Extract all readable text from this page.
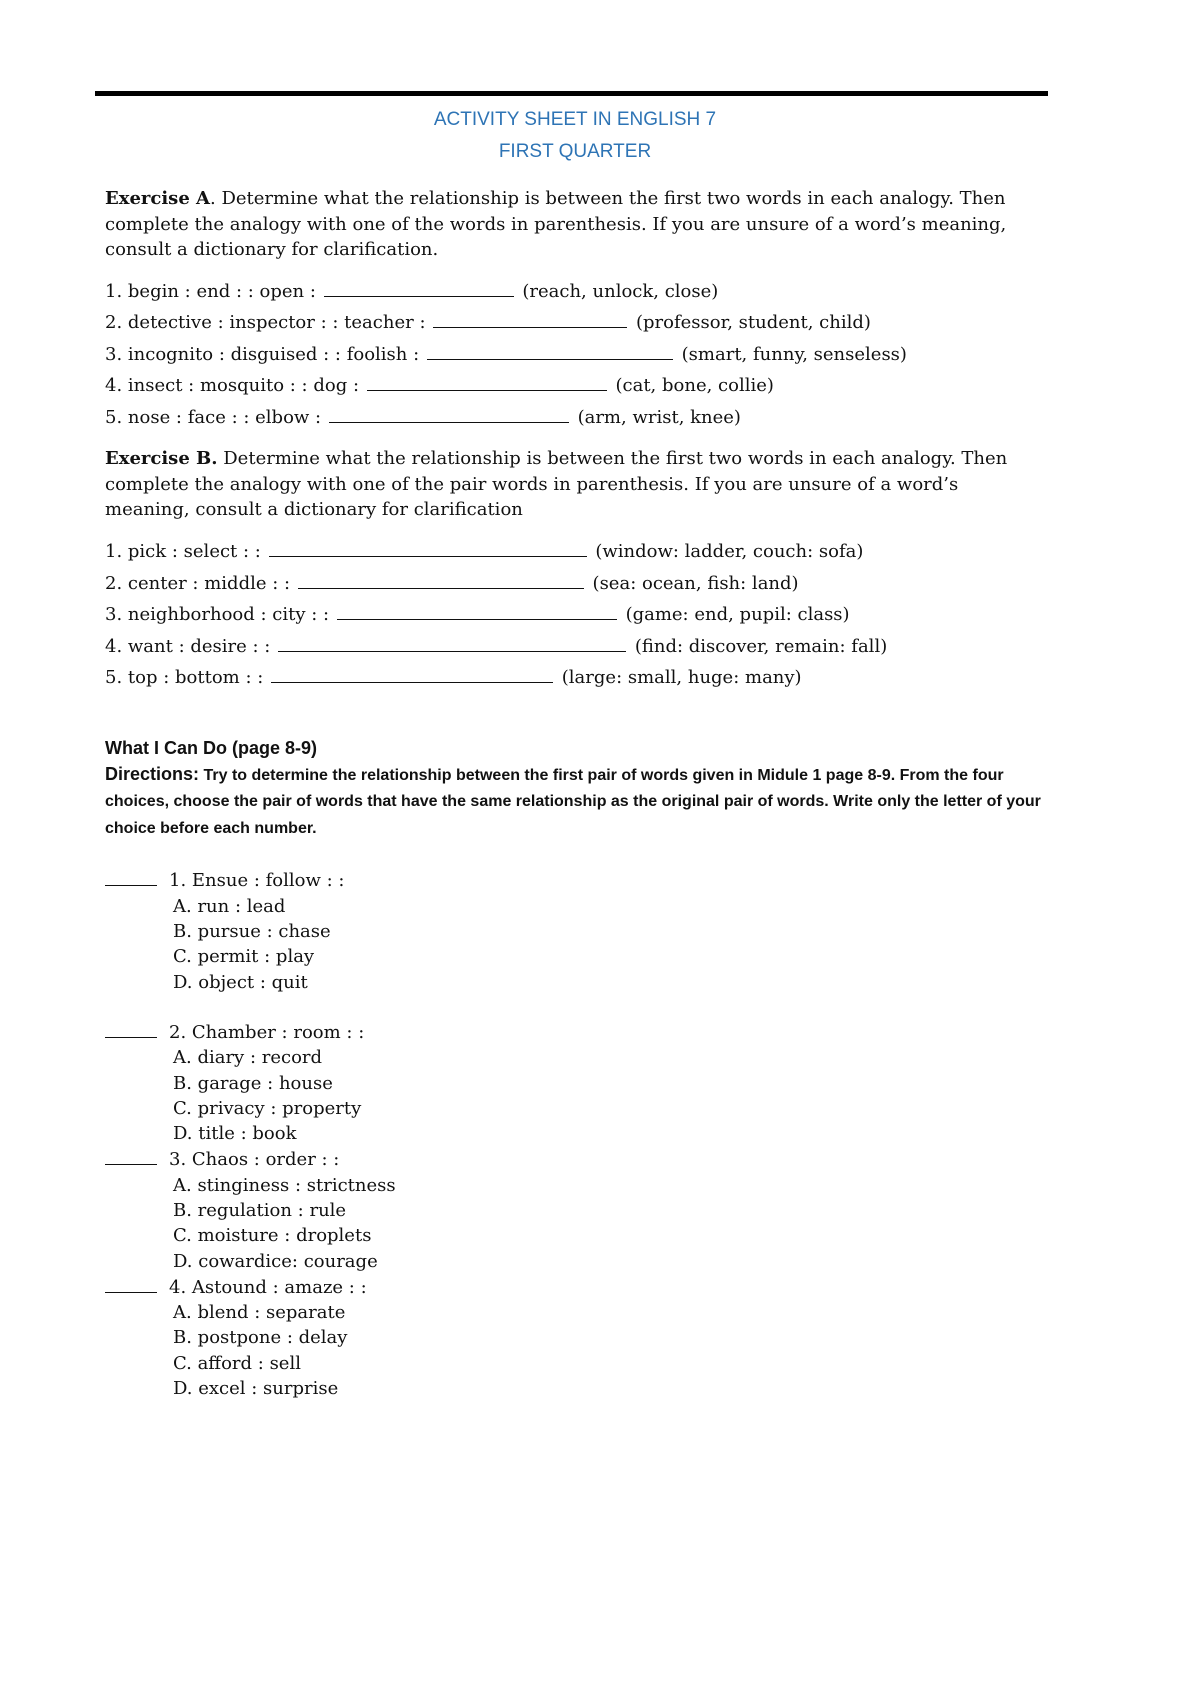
ACTIVITY SHEET IN ENGLISH 7
FIRST QUARTER
Exercise A. Determine what the relationship is between the first two words in each analogy. Then complete the analogy with one of the words in parenthesis. If you are unsure of a word’s meaning, consult a dictionary for clarification.
1. begin : end : : open :	(reach, unlock, close)
2. detective : inspector : : teacher :	(professor, student, child)
3. incognito : disguised : : foolish :	(smart, funny, senseless)
4. insect : mosquito : : dog :	(cat, bone, collie)
5. nose : face : : elbow :	(arm, wrist, knee)
Exercise B. Determine what the relationship is between the first two words in each analogy. Then complete the analogy with one of the pair words in parenthesis. If you are unsure of a word’s meaning, consult a dictionary for clarification
1. pick : select : :	(window: ladder, couch: sofa)
2. center : middle : :	(sea: ocean, fish: land)
3. neighborhood : city : :	(game: end, pupil: class)
4. want : desire : :	(find: discover, remain: fall)
5. top : bottom : :	(large: small, huge: many)
What I Can Do (page 8-9)
Directions: Try to determine the relationship between the first pair of words given in Midule 1 page 8-9. From the four choices, choose the pair of words that have the same relationship as the original pair of words. Write only the letter of your choice before each number.
1. Ensue : follow : :
A. run : lead
B. pursue : chase
C. permit : play
D. object : quit
2. Chamber : room : :
A. diary : record
B. garage : house
C. privacy : property
D. title : book
3. Chaos : order : :
A. stinginess : strictness
B. regulation : rule
C. moisture : droplets
D. cowardice: courage
4. Astound : amaze : :
A. blend : separate
B. postpone : delay
C. afford : sell
D. excel : surprise
